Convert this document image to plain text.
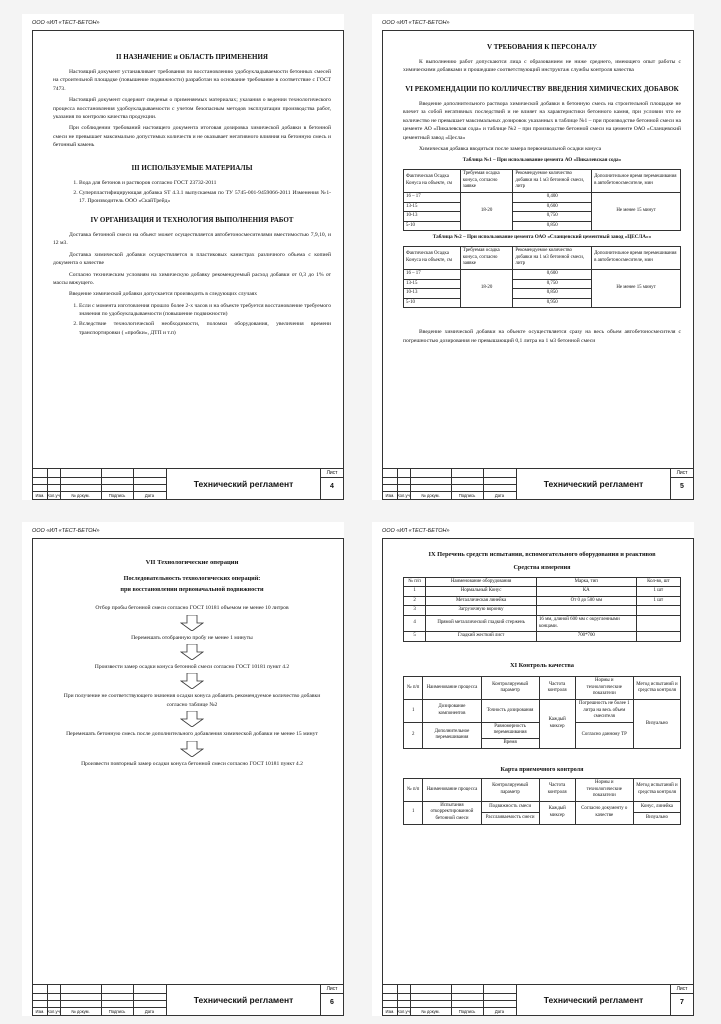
ООО «ИЛ «ТЕСТ-БЕТОН»
II НАЗНАЧЕНИЕ и ОБЛАСТЬ ПРИМЕНЕНИЯ

Настоящий документ устанавливает требования по восстановлению удобоукладываемости бетонных смесей на строительной площадке (повышение подвижности) разработан на основание требование в соответствие с ГОСТ 7473.

Настоящий документ содержит сведенья о применяемых материалах; указания о ведении технологического процесса восстановления удобоукладываемости с учетом безопасным методов эксплуатации производства работ, указания по контролю качества продукции.

При соблюдении требований настоящего документа итоговая дозировка химической добавки в бетонной смеси не превышает максимально допустимых количеств и не оказывает негативного влияния на бетонную смесь и бетонный камень

III ИСПОЛЬЗУЕМЫЕ МАТЕРИАЛЫ
1. Вода для бетонов и растворов согласно ГОСТ 23732-2011
2. Суперпластифицирующая добавка ST 4.3.1 выпускаемая по ТУ 5745-001-9459066-2011 Изменения №1-17. Производитель ООО «СкайТрейд»
IV ОРГАНИЗАЦИЯ И ТЕХНОЛОГИЯ ВЫПОЛНЕНИЯ РАБОТ

Доставка бетонной смеси на объект может осуществляется автобетоносмесителями вместимостью 7,9,10, и 12 м3.

Доставка химической добавки осуществляется в пластиковых канистрах различного объема с копией документа о качестве

Согласно техническим условиям на химическую добавку рекомендуемый расход добавки от 0,3 до 1% от массы вяжущего.

Введение химической добавки допускается производить в следующих случаях

1. Если с момента изготовления прошло более 2-х часов и на объекте требуется восстановление требуемого значения по удобоукладываемости (повышение подвижности)
2. Вследствие технологической необходимости, поломки оборудования, увеличения времени транспортировки ( «пробки», ДТП и т.п)
Изм. Кол.уч	№ докум.	Подпись	Дата
Технический регламент
Лист
4
ООО «ИЛ «ТЕСТ-БЕТОН»
V ТРЕБОВАНИЯ К ПЕРСОНАЛУ

К выполнению работ допускаются лица с образованием не ниже среднего, имеющего опыт работы с химическими добавками и прошедшие соответствующий инструктаж службы контроля качества

VI РЕКОМЕНДАЦИИ ПО КОЛЛИЧЕСТВУ ВВЕДЕНИЯ ХИМИЧЕСКИХ ДОБАВОК

Введение дополнительного раствора химической добавки в бетонную смесь на строительной площадке не влечет за собой негативных последствий и не влияет на характеристики бетонного камня, при условии что ее количество не превышает максимальных дозировок указанных в таблице №1 – при производстве бетонной смеси на цементе АО «Пикалевская сода» и таблице №2 – при производстве бетонной смеси на цементе ОАО «Сланцевский цементный завод «Цесла»

Химическая добавка вводиться после замера первоначальной осадки конуса

Таблица №1 – При использование цемента АО «Пикалевская сода»
Фактическая Осадка Конуса на объекте, см	Требуемая осадка конуса, согласно заявке	Рекомендуемое количество добавки на 1 м3 бетонной смеси, литр	Дополнительное время перемешивания в автобетоносмесителе, мин
16 – 17	18-20	0,400	Не менее 15 минут
13-15		0,600	
10-13		0,750	
5-10		0,850	
Таблица №2 – При использование цемента ОАО «Сланцевский цементный завод «ЦЕСЛА»»
Фактическая Осадка Конуса на объекте, см	Требуемая осадка конуса, согласно заявке	Рекомендуемое количество добавки на 1 м3 бетонной смеси, литр	Дополнительное время перемешивания в автобетоносмесителе, мин
16 – 17	18-20	0,600	Не менее 15 минут
13-15		0,750	
10-13		0,850	
5-10		0,950	

Введение химической добавки на объекте осуществляется сразу на весь объем автобетоносмесителя с погрешностью дозирования не превышающий 0,1 литра на 1 м3 бетонной смеси

Изм. Кол.уч	№ докум.	Подпись	Дата
Технический регламент
Лист
5
ООО «ИЛ «ТЕСТ-БЕТОН»
VII Технологические операции
Последовательность технологических операций:
при восстановлении первоначальной подвижности
Отбор пробы бетонной смеси согласно ГОСТ 10181 объемом не менее 10 литров
Перемешать отобранную пробу не менее 1 минуты
Произвести замер осадки конуса бетонной смеси согласно ГОСТ 10181 пункт 4.2
При получение не соответствующего значения осадки конуса добавить рекомендуемое количество добавки согласно таблице №2
Перемешать бетонную смесь после дополнительного добавления химической добавки не менее 15 минут
Произвести повторный замер осадки конуса бетонной смеси согласно ГОСТ 10181 пункт 4.2
Изм. Кол.уч	№ докум.	Подпись	Дата
Технический регламент
Лист
6
ООО «ИЛ «ТЕСТ-БЕТОН»
IX Перечень средств испытания, вспомогательного оборудования и реактивов
Средства измерения
№ п/п	Наименование оборудования	Марка, тип	Кол-во, шт
1	Нормальный Конус	КА	1 шт
2	Металлическая линейка	От 0 до 500 мм	1 шт
3	Загрузочную воронку		
4	Прямой металлический гладкий стержень	16 мм, длиной 600 мм с округленными концами.	
5	Гладкий жесткий лист	700*700	
XI Контроль качества
№ п/п	Наименование процесса	Контролируемый параметр	Частота контроля	Нормы и технологические показатели	Метод испытаний и средства контроля
1	Дозирование компонентов	Точность дозирования	Каждый миксер	Погрешность не более 1 литра на весь объем смесителя	Визуально
2	Дополнительное перемешивания	Равномерность перемешивания		Согласно данному ТР	
		Время			
Карта приемочного контроля
№ п/п	Наименование процесса	Контролируемый параметр	Частота контроля	Нормы и технологические показатели	Метод испытаний и средства контроля
1	Испытания откорректированной бетонной смеси	Подвижность смеси	Каждый миксер	Согласно документу о качестве	Конус, линейка
		Расслаиваемость смеси			Визуально
Изм. Кол.уч	№ докум.	Подпись	Дата
Технический регламент
Лист
7
